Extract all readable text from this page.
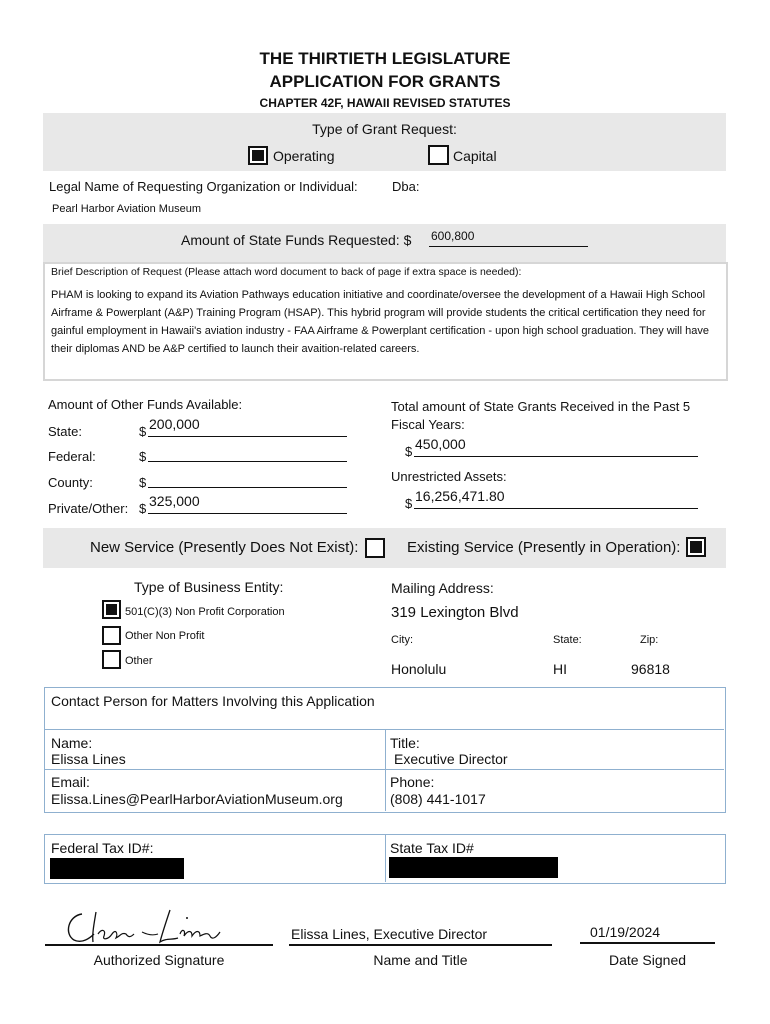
THE THIRTIETH LEGISLATURE
APPLICATION FOR GRANTS
CHAPTER 42F, HAWAII REVISED STATUTES
Type of Grant Request:
Operating	Capital
Legal Name of Requesting Organization or Individual:	Dba:
Pearl Harbor Aviation Museum
Amount of State Funds Requested: $ 600,800
Brief Description of Request (Please attach word document to back of page if extra space is needed):
PHAM is looking to expand its Aviation Pathways education initiative and coordinate/oversee the development of a Hawaii High School Airframe & Powerplant (A&P) Training Program (HSAP). This hybrid program will provide students the critical certification they need for gainful employment in Hawaii's aviation industry - FAA Airframe & Powerplant certification - upon high school graduation. They will have their diplomas AND be A&P certified to launch their avaition-related careers.
Amount of Other Funds Available:
State:	$ 200,000
Federal:	$
County:	$
Private/Other: $ 325,000
Total amount of State Grants Received in the Past 5
Fiscal Years:
$ 450,000
Unrestricted Assets:
$ 16,256,471.80
New Service (Presently Does Not Exist):	Existing Service (Presently in Operation):
Type of Business Entity:
501(C)(3) Non Profit Corporation
Other Non Profit
Other
Mailing Address:
319 Lexington Blvd
City:	State:	Zip:
Honolulu	HI	96818
Contact Person for Matters Involving this Application
Name:
Elissa Lines
Title:
Executive Director
Email:
Elissa.Lines@PearlHarborAviationMuseum.org
Phone:
(808) 441-1017
Federal Tax ID#:	State Tax ID#
Authorized Signature
Elissa Lines, Executive Director
Name and Title
01/19/2024
Date Signed
